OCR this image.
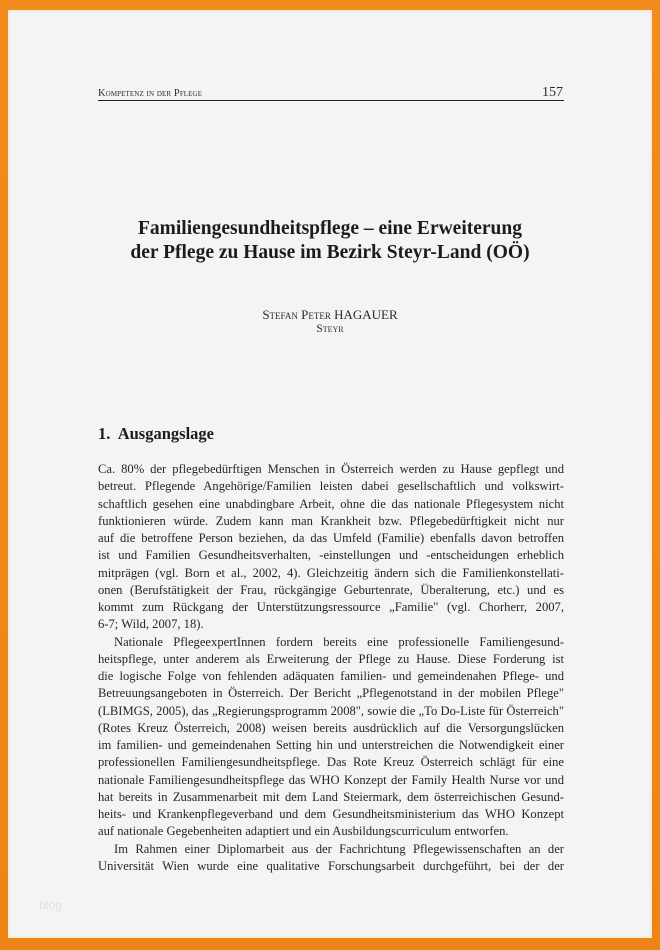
Kompetenz in der Pflege	157
Familiengesundheitspflege – eine Erweiterung
der Pflege zu Hause im Bezirk Steyr-Land (OÖ)
Stefan Peter HAGAUER
Steyr
1. Ausgangslage
Ca. 80% der pflegebedürftigen Menschen in Österreich werden zu Hause gepflegt und
betreut. Pflegende Angehörige/Familien leisten dabei gesellschaftlich und volkswirt-
schaftlich gesehen eine unabdingbare Arbeit, ohne die das nationale Pflegesystem nicht
funktionieren würde. Zudem kann man Krankheit bzw. Pflegebedürftigkeit nicht nur
auf die betroffene Person beziehen, da das Umfeld (Familie) ebenfalls davon betroffen
ist und Familien Gesundheitsverhalten, -einstellungen und -entscheidungen erheblich
mitprägen (vgl. Born et al., 2002, 4). Gleichzeitig ändern sich die Familienkonstellati-
onen (Berufstätigkeit der Frau, rückgängige Geburtenrate, Überalterung, etc.) und es
kommt zum Rückgang der Unterstützungsressource „Familie" (vgl. Chorherr, 2007,
6-7; Wild, 2007, 18).
Nationale PflegeexpertInnen fordern bereits eine professionelle Familiengesund-
heitspflege, unter anderem als Erweiterung der Pflege zu Hause. Diese Forderung ist
die logische Folge von fehlenden adäquaten familien- und gemeindenahen Pflege- und
Betreuungsangeboten in Österreich. Der Bericht „Pflegenotstand in der mobilen Pflege"
(LBIMGS, 2005), das „Regierungsprogramm 2008", sowie die „To Do-Liste für Österreich"
(Rotes Kreuz Österreich, 2008) weisen bereits ausdrücklich auf die Versorgungslücken
im familien- und gemeindenahen Setting hin und unterstreichen die Notwendigkeit einer
professionellen Familiengesundheitspflege. Das Rote Kreuz Österreich schlägt für eine
nationale Familiengesundheitspflege das WHO Konzept der Family Health Nurse vor und
hat bereits in Zusammenarbeit mit dem Land Steiermark, dem österreichischen Gesund-
heits- und Krankenpflegeverband und dem Gesundheitsministerium das WHO Konzept
auf nationale Gegebenheiten adaptiert und ein Ausbildungscurriculum entworfen.
Im Rahmen einer Diplomarbeit aus der Fachrichtung Pflegewissenschaften an der
Universität Wien wurde eine qualitative Forschungsarbeit durchgeführt, bei der der
blog
